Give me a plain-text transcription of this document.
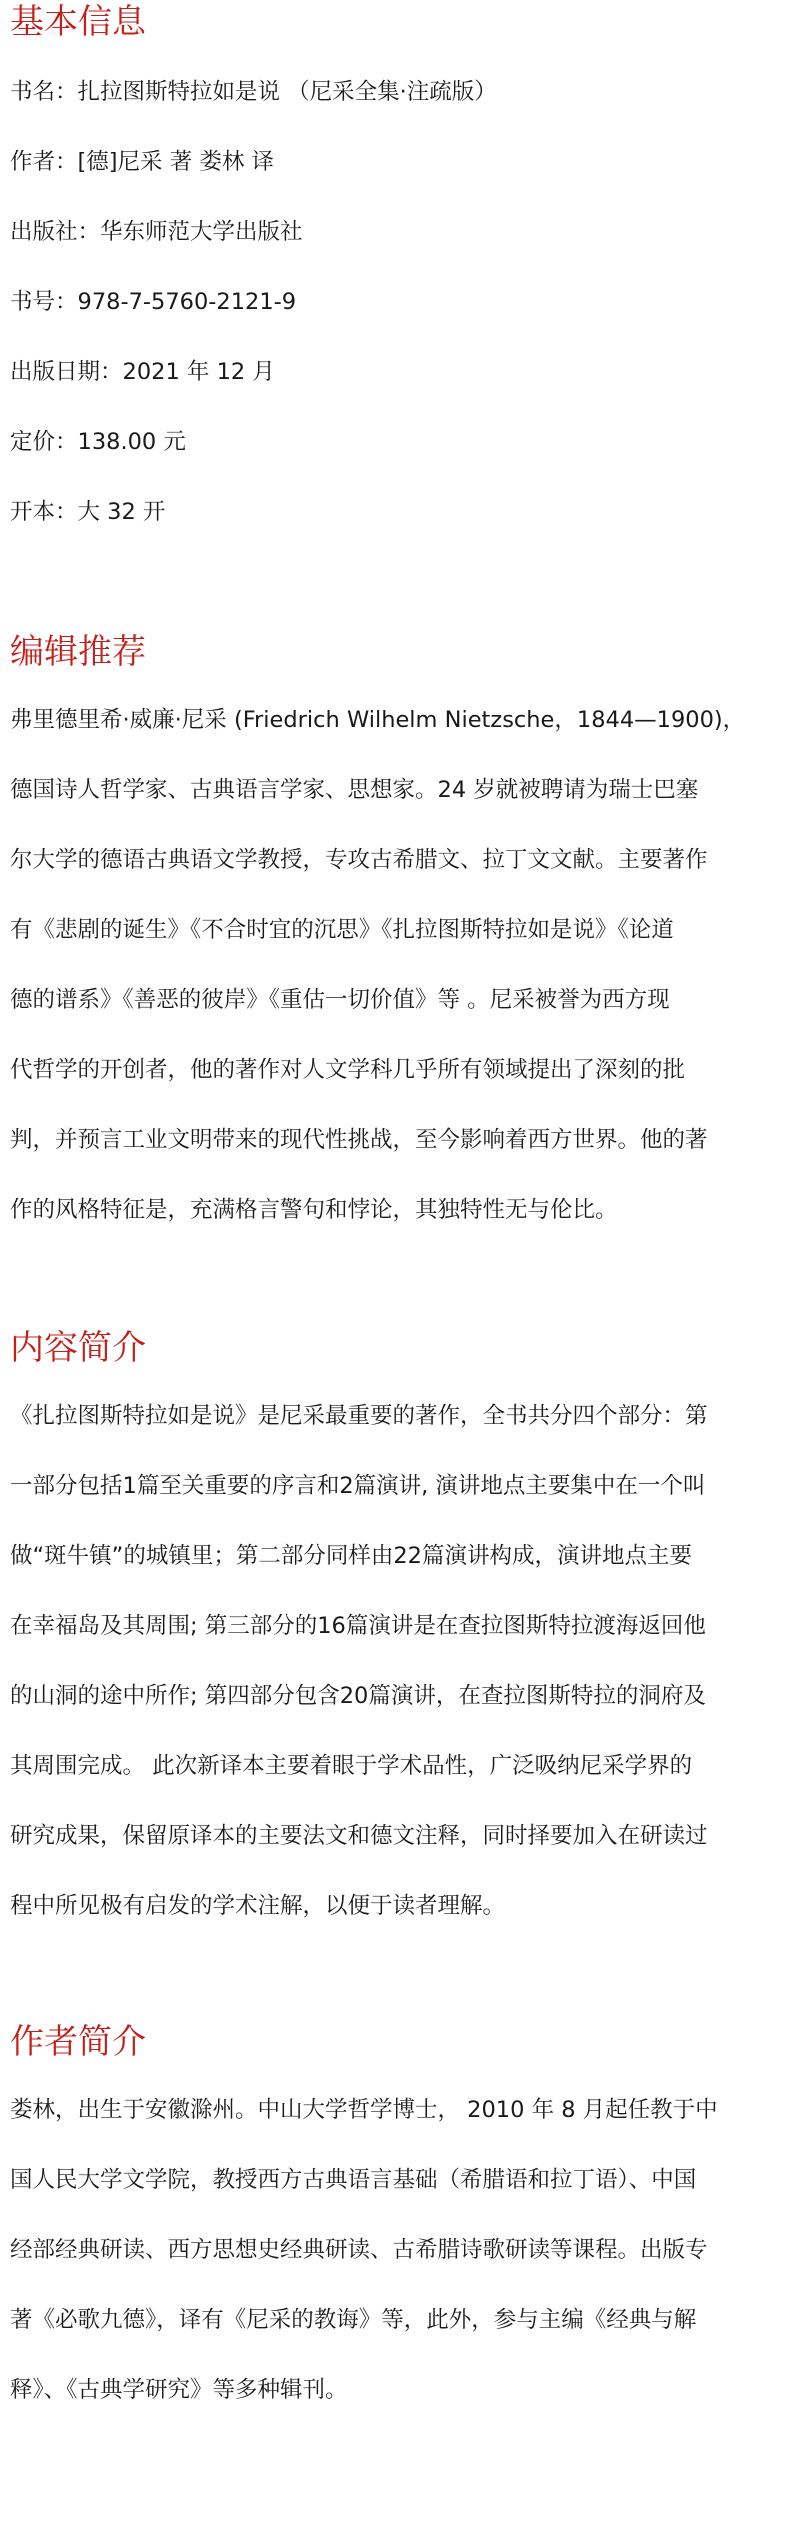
基本信息

书名：扎拉图斯特拉如是说 （尼采全集·注疏版）

作者：[德]尼采 著 娄林 译

出版社：华东师范大学出版社

书号：978-7-5760-2121-9

出版日期：2021 年 12 月

定价：138.00 元

开本：大 32 开

编辑推荐
弗里德里希·威廉·尼采 (Friedrich Wilhelm Nietzsche，1844—1900)，
德国诗人哲学家、古典语言学家、思想家。24 岁就被聘请为瑞士巴塞
尔大学的德语古典语文学教授，专攻古希腊文、拉丁文文献。主要著作
有《悲剧的诞生》《不合时宜的沉思》《扎拉图斯特拉如是说》《论道
德的谱系》《善恶的彼岸》《重估一切价值》等 。尼采被誉为西方现
代哲学的开创者，他的著作对人文学科几乎所有领域提出了深刻的批
判，并预言工业文明带来的现代性挑战，至今影响着西方世界。他的著
作的风格特征是，充满格言警句和悖论，其独特性无与伦比。
内容简介
《扎拉图斯特拉如是说》是尼采最重要的著作，全书共分四个部分：第
一部分包括1篇至关重要的序言和2篇演讲, 演讲地点主要集中在一个叫
做“斑牛镇”的城镇里；第二部分同样由22篇演讲构成，演讲地点主要
在幸福岛及其周围; 第三部分的16篇演讲是在查拉图斯特拉渡海返回他
的山洞的途中所作; 第四部分包含20篇演讲，在查拉图斯特拉的洞府及
其周围完成。 此次新译本主要着眼于学术品性，广泛吸纳尼采学界的
研究成果，保留原译本的主要法文和德文注释，同时择要加入在研读过
程中所见极有启发的学术注解，以便于读者理解。
作者简介
娄林，出生于安徽滁州。中山大学哲学博士， 2010 年 8 月起任教于中
国人民大学文学院，教授西方古典语言基础（希腊语和拉丁语）、中国
经部经典研读、西方思想史经典研读、古希腊诗歌研读等课程。出版专
著《必歌九德》，译有《尼采的教诲》等，此外，参与主编《经典与解
释》、《古典学研究》等多种辑刊。
